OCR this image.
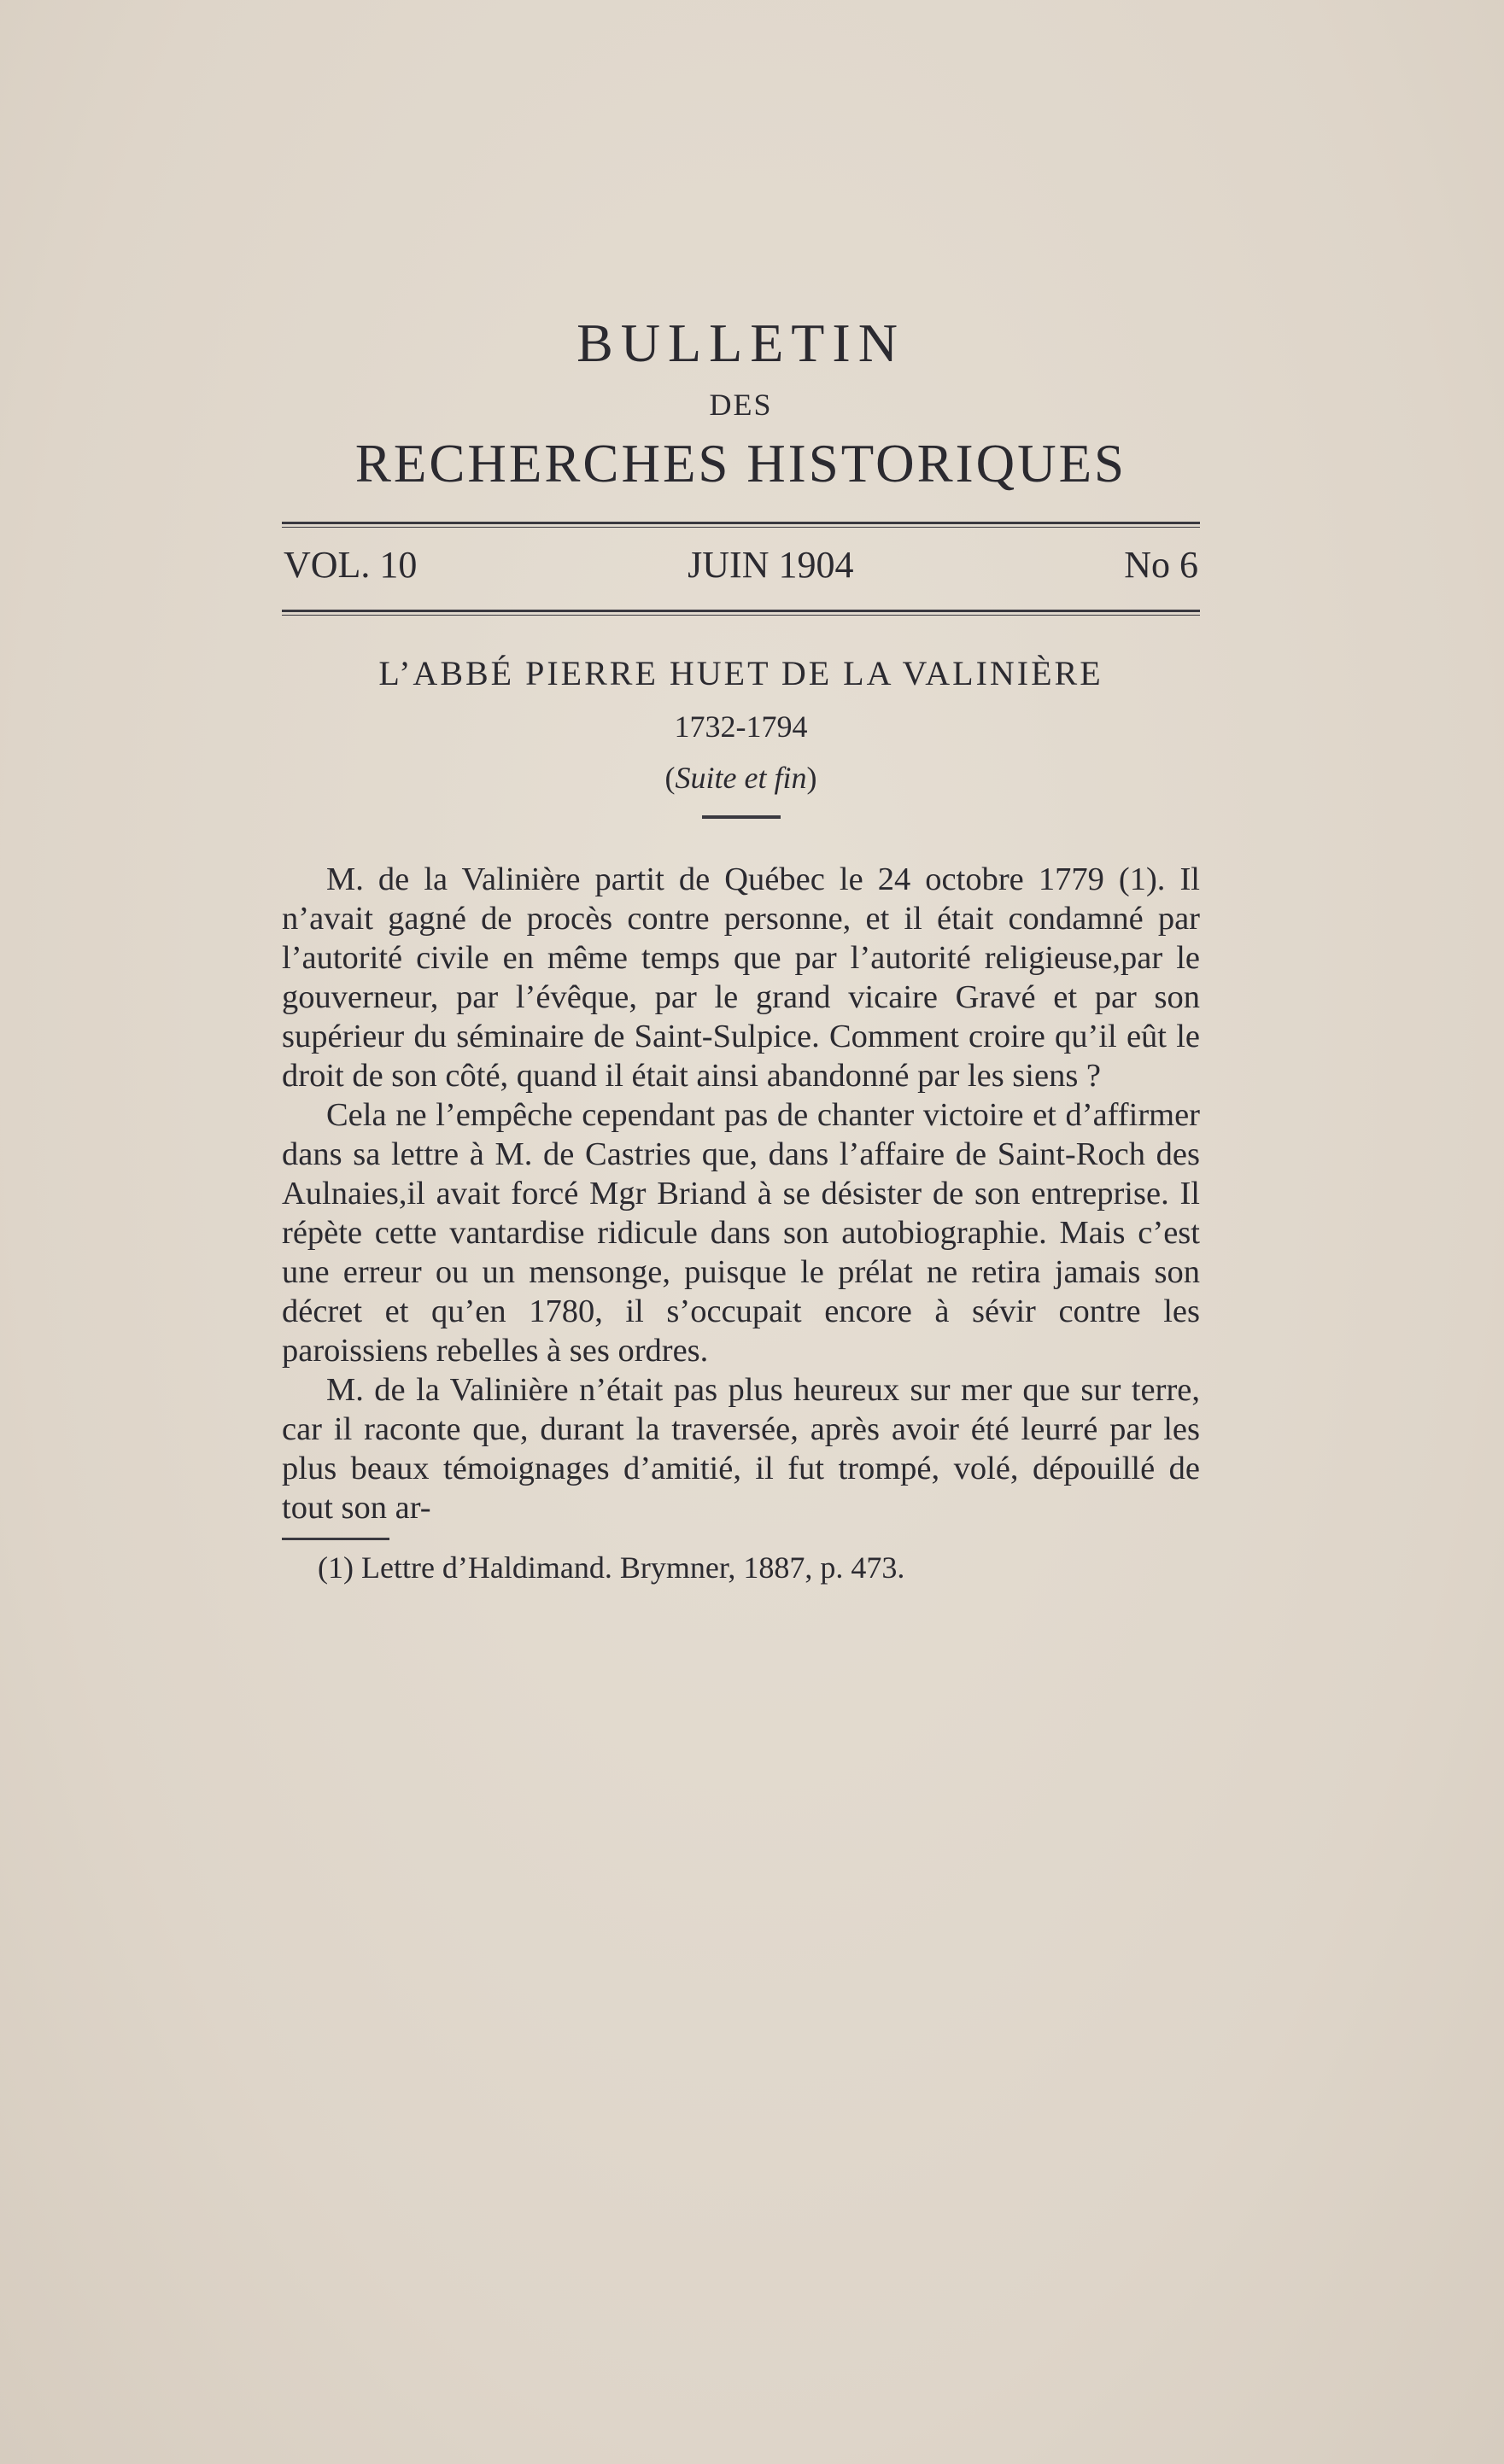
BULLETIN
DES
RECHERCHES HISTORIQUES
VOL. 10	JUIN 1904	No 6
L’ABBÉ PIERRE HUET DE LA VALINIÈRE
1732-1794
(Suite et fin)

M. de la Valinière partit de Québec le 24 octobre 1779 (1). Il n’avait gagné de procès contre personne, et il était condamné par l’autorité civile en même temps que par l’autorité religieuse,par le gouverneur, par l’évêque, par le grand vicaire Gravé et par son supérieur du séminaire de Saint-Sulpice. Comment croire qu’il eût le droit de son côté, quand il était ainsi abandonné par les siens ?

Cela ne l’empêche cependant pas de chanter victoire et d’affirmer dans sa lettre à M. de Castries que, dans l’affaire de Saint-Roch des Aulnaies,il avait forcé Mgr Briand à se désister de son entreprise. Il répète cette vantardise ridicule dans son autobiographie. Mais c’est une erreur ou un mensonge, puisque le prélat ne retira jamais son décret et qu’en 1780, il s’occupait encore à sévir contre les paroissiens rebelles à ses ordres.

M. de la Valinière n’était pas plus heureux sur mer que sur terre, car il raconte que, durant la traversée, après avoir été leurré par les plus beaux témoignages d’amitié, il fut trompé, volé, dépouillé de tout son ar-

(1) Lettre d’Haldimand. Brymner, 1887, p. 473.
